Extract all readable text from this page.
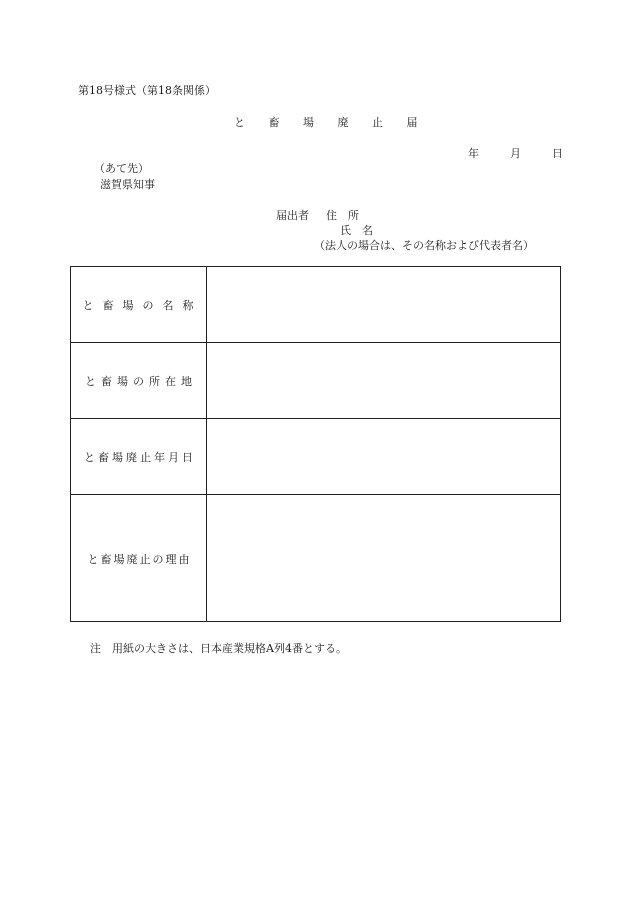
第18号様式（第18条関係）
と 畜 場 廃 止 届
年	月	日
（あて先）
滋賀県知事
届出者 住　所
氏　名
（法人の場合は、その名称および代表者名）
と畜場の名称
と畜場の所在地
と畜場廃止年月日
と畜場廃止の理由
注　用紙の大きさは、日本産業規格A列4番とする。
